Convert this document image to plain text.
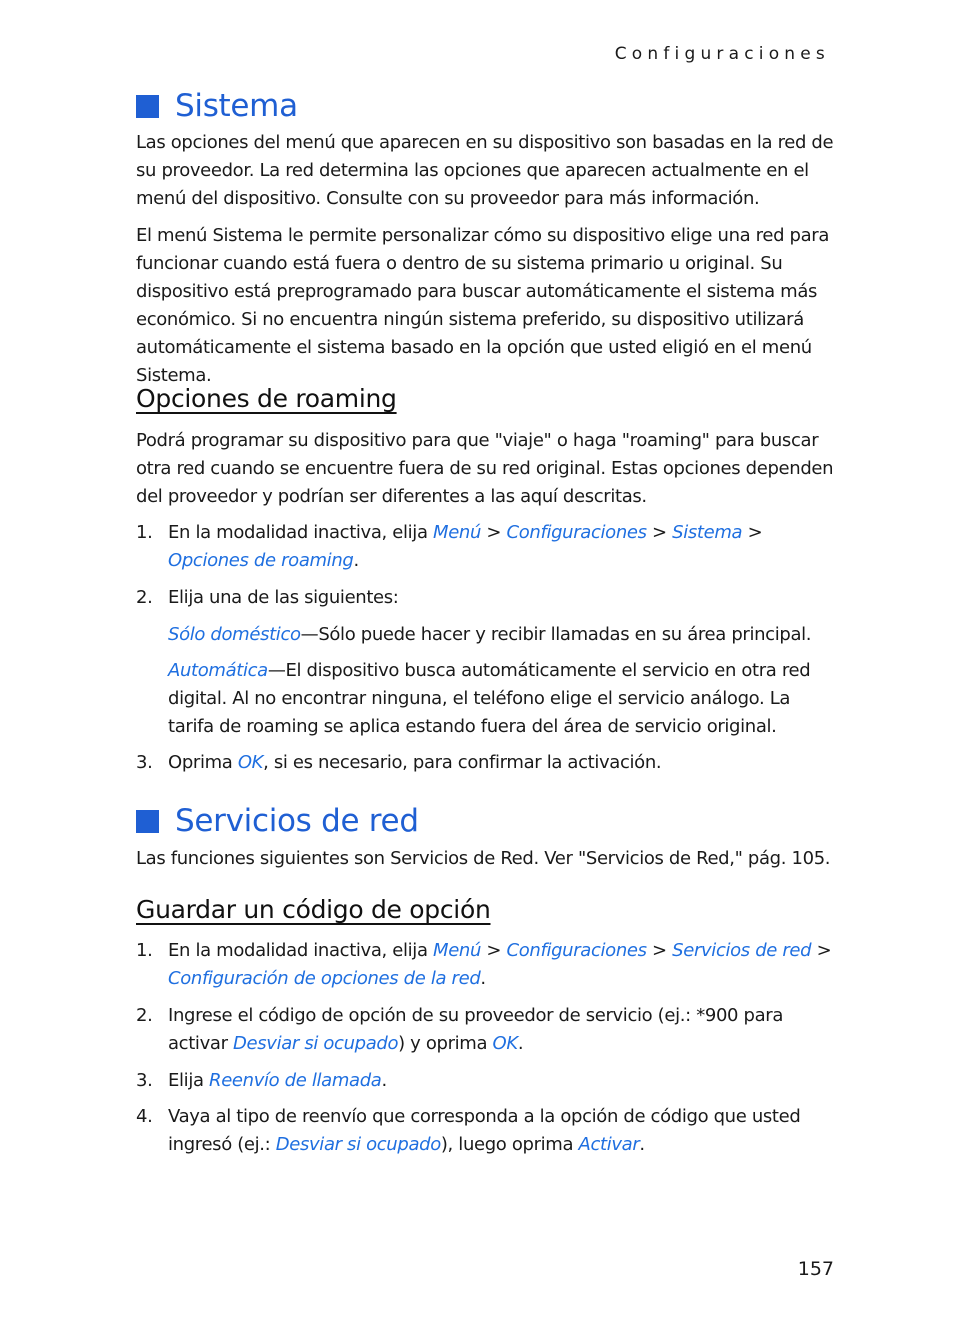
Configuraciones
Sistema

Las opciones del menú que aparecen en su dispositivo son basadas en la red de su proveedor. La red determina las opciones que aparecen actualmente en el menú del dispositivo. Consulte con su proveedor para más información.

El menú Sistema le permite personalizar cómo su dispositivo elige una red para funcionar cuando está fuera o dentro de su sistema primario u original. Su dispositivo está preprogramado para buscar automáticamente el sistema más económico. Si no encuentra ningún sistema preferido, su dispositivo utilizará automáticamente el sistema basado en la opción que usted eligió en el menú Sistema.

Opciones de roaming

Podrá programar su dispositivo para que "viaje" o haga "roaming" para buscar otra red cuando se encuentre fuera de su red original. Estas opciones dependen del proveedor y podrían ser diferentes a las aquí descritas.

1. En la modalidad inactiva, elija Menú > Configuraciones > Sistema > Opciones de roaming.
2. Elija una de las siguientes:
Sólo doméstico—Sólo puede hacer y recibir llamadas en su área principal.
Automática—El dispositivo busca automáticamente el servicio en otra red digital. Al no encontrar ninguna, el teléfono elige el servicio análogo. La tarifa de roaming se aplica estando fuera del área de servicio original.
3. Oprima OK, si es necesario, para confirmar la activación.
Servicios de red

Las funciones siguientes son Servicios de Red. Ver "Servicios de Red," pág. 105.

Guardar un código de opción
1. En la modalidad inactiva, elija Menú > Configuraciones > Servicios de red > Configuración de opciones de la red.
2. Ingrese el código de opción de su proveedor de servicio (ej.: *900 para activar Desviar si ocupado) y oprima OK.
3. Elija Reenvío de llamada.
4. Vaya al tipo de reenvío que corresponda a la opción de código que usted ingresó (ej.: Desviar si ocupado), luego oprima Activar.
157
